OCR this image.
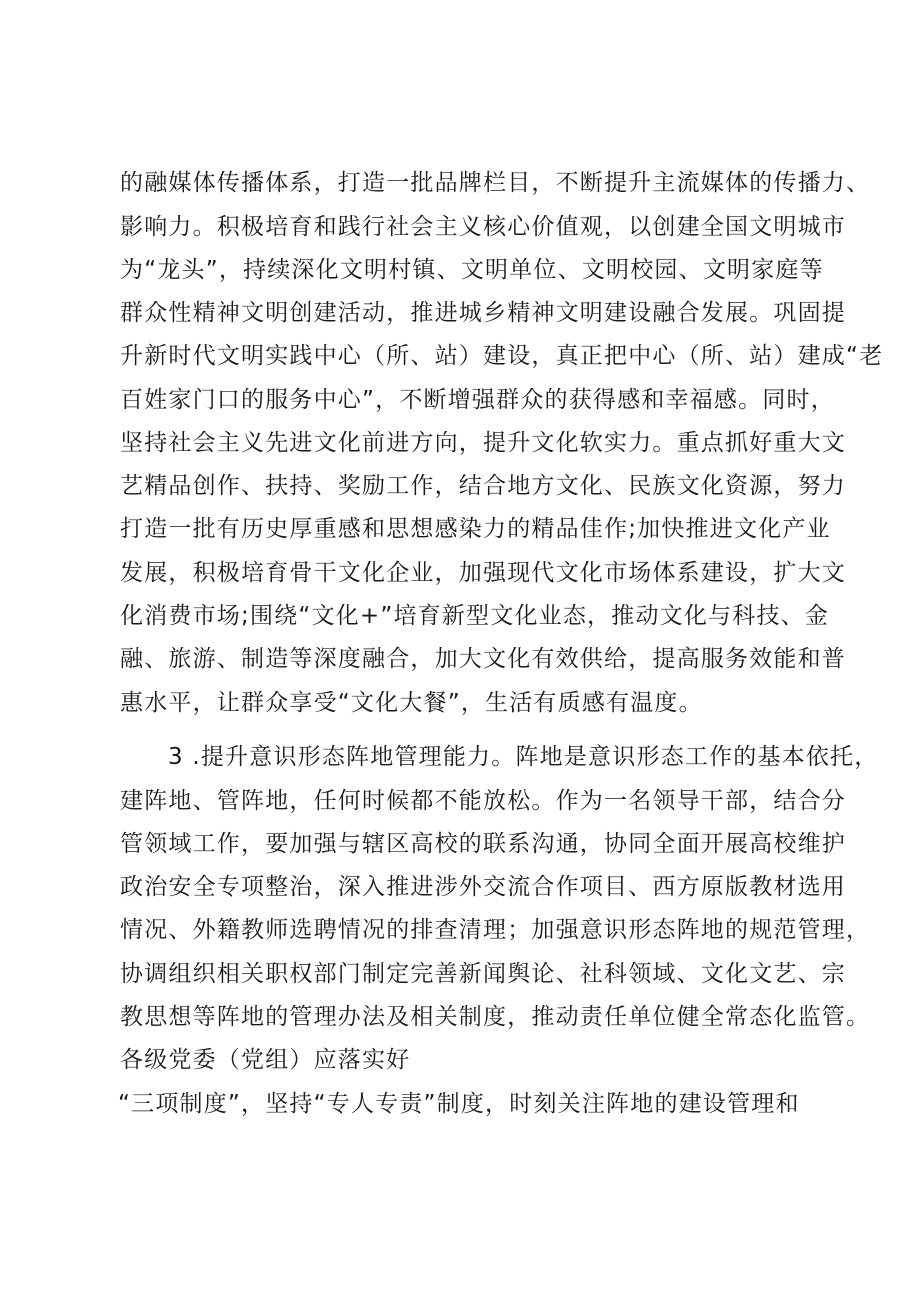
的融媒体传播体系，打造一批品牌栏目，不断提升主流媒体的传播力、
影响力。积极培育和践行社会主义核心价值观，以创建全国文明城市
为“龙头”，持续深化文明村镇、文明单位、文明校园、文明家庭等
群众性精神文明创建活动，推进城乡精神文明建设融合发展。巩固提
升新时代文明实践中心（所、站）建设，真正把中心（所、站）建成“老
百姓家门口的服务中心”，不断增强群众的获得感和幸福感。同时，
坚持社会主义先进文化前进方向，提升文化软实力。重点抓好重大文
艺精品创作、扶持、奖励工作，结合地方文化、民族文化资源，努力
打造一批有历史厚重感和思想感染力的精品佳作;加快推进文化产业
发展，积极培育骨干文化企业，加强现代文化市场体系建设，扩大文
化消费市场;围绕“文化+”培育新型文化业态，推动文化与科技、金
融、旅游、制造等深度融合，加大文化有效供给，提高服务效能和普
惠水平，让群众享受“文化大餐”，生活有质感有温度。
3 .提升意识形态阵地管理能力。阵地是意识形态工作的基本依托，
建阵地、管阵地，任何时候都不能放松。作为一名领导干部，结合分
管领域工作，要加强与辖区高校的联系沟通，协同全面开展高校维护
政治安全专项整治，深入推进涉外交流合作项目、西方原版教材选用
情况、外籍教师选聘情况的排查清理；加强意识形态阵地的规范管理，
协调组织相关职权部门制定完善新闻舆论、社科领域、文化文艺、宗
教思想等阵地的管理办法及相关制度，推动责任单位健全常态化监管。
各级党委（党组）应落实好
“三项制度”，坚持“专人专责”制度，时刻关注阵地的建设管理和
